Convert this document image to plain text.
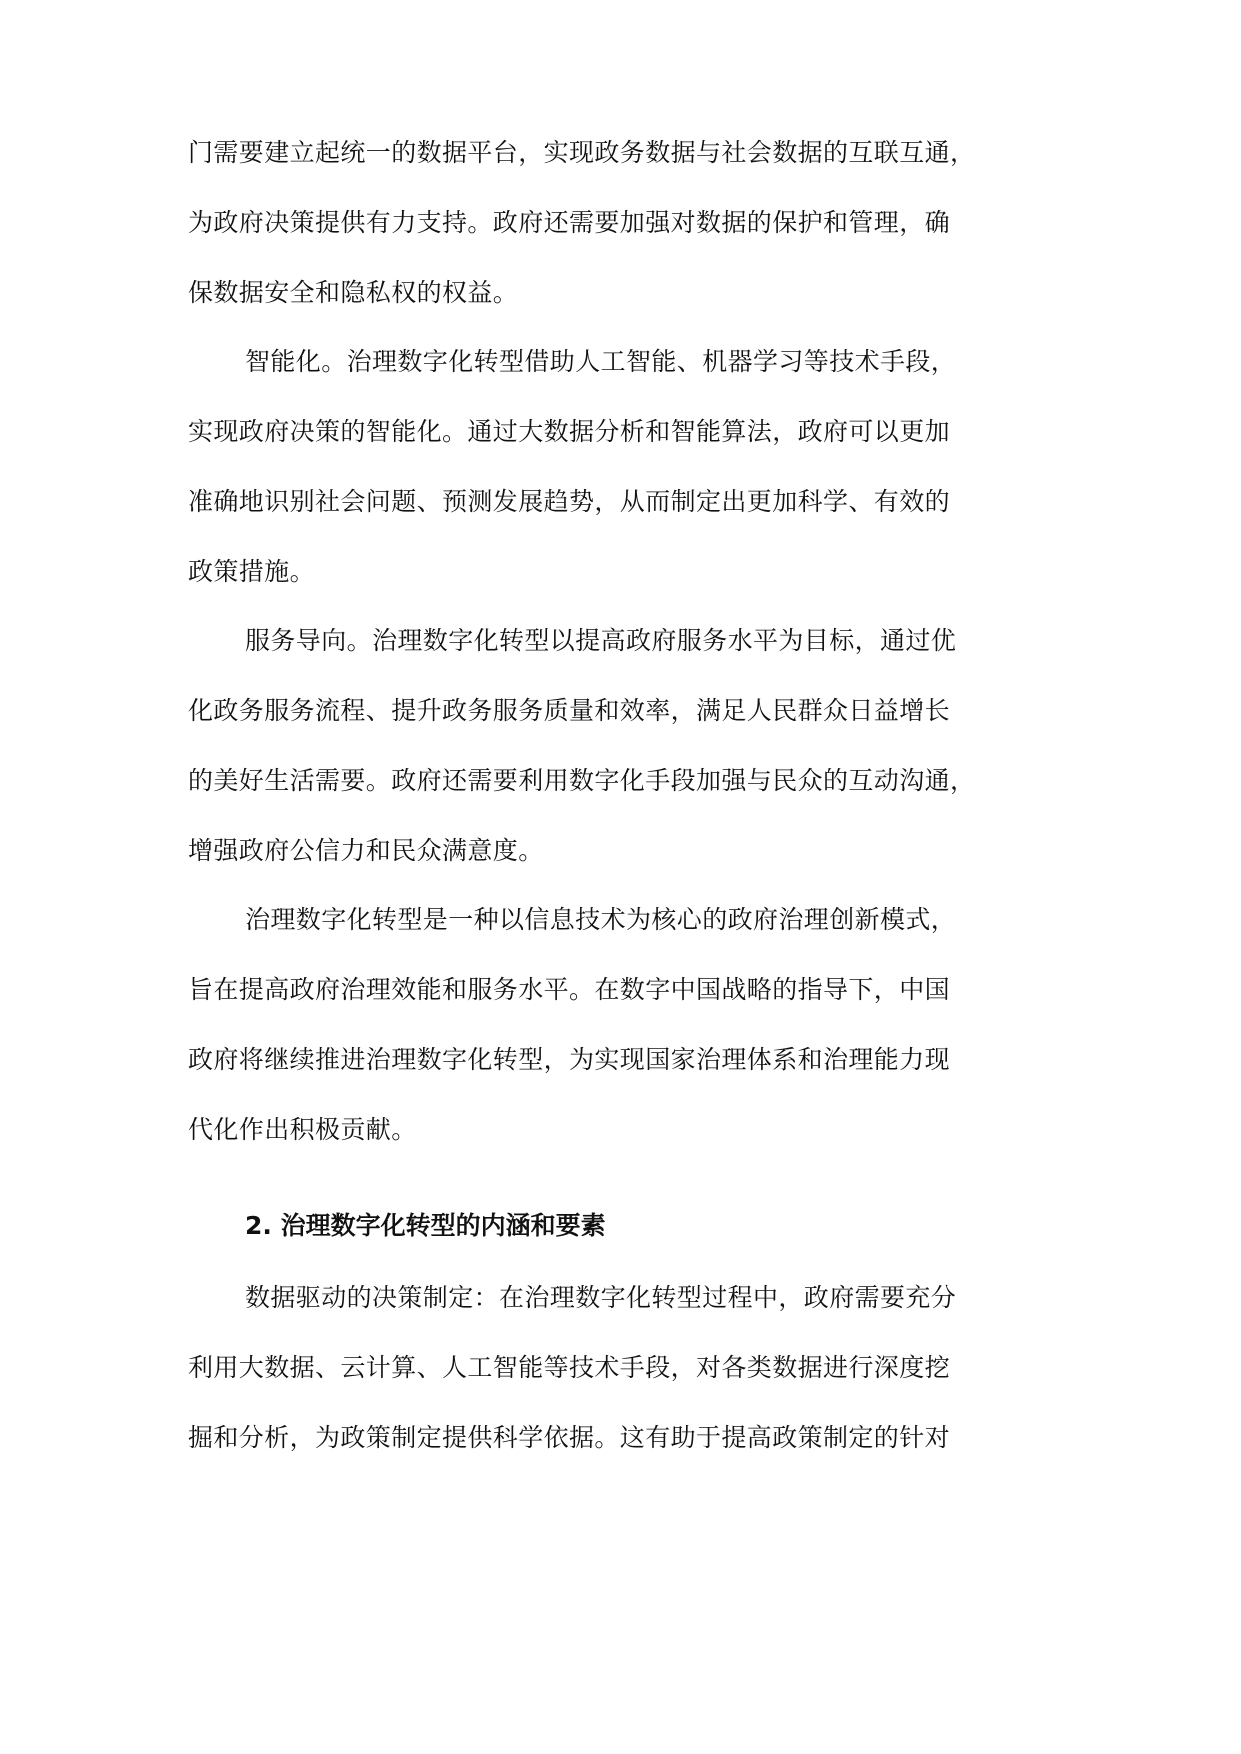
门需要建立起统一的数据平台，实现政务数据与社会数据的互联互通，
为政府决策提供有力支持。政府还需要加强对数据的保护和管理，确
保数据安全和隐私权的权益。
智能化。治理数字化转型借助人工智能、机器学习等技术手段，
实现政府决策的智能化。通过大数据分析和智能算法，政府可以更加
准确地识别社会问题、预测发展趋势，从而制定出更加科学、有效的
政策措施。
服务导向。治理数字化转型以提高政府服务水平为目标，通过优
化政务服务流程、提升政务服务质量和效率，满足人民群众日益增长
的美好生活需要。政府还需要利用数字化手段加强与民众的互动沟通，
增强政府公信力和民众满意度。
治理数字化转型是一种以信息技术为核心的政府治理创新模式，
旨在提高政府治理效能和服务水平。在数字中国战略的指导下，中国
政府将继续推进治理数字化转型，为实现国家治理体系和治理能力现
代化作出积极贡献。
2. 治理数字化转型的内涵和要素
数据驱动的决策制定：在治理数字化转型过程中，政府需要充分
利用大数据、云计算、人工智能等技术手段，对各类数据进行深度挖
掘和分析，为政策制定提供科学依据。这有助于提高政策制定的针对
